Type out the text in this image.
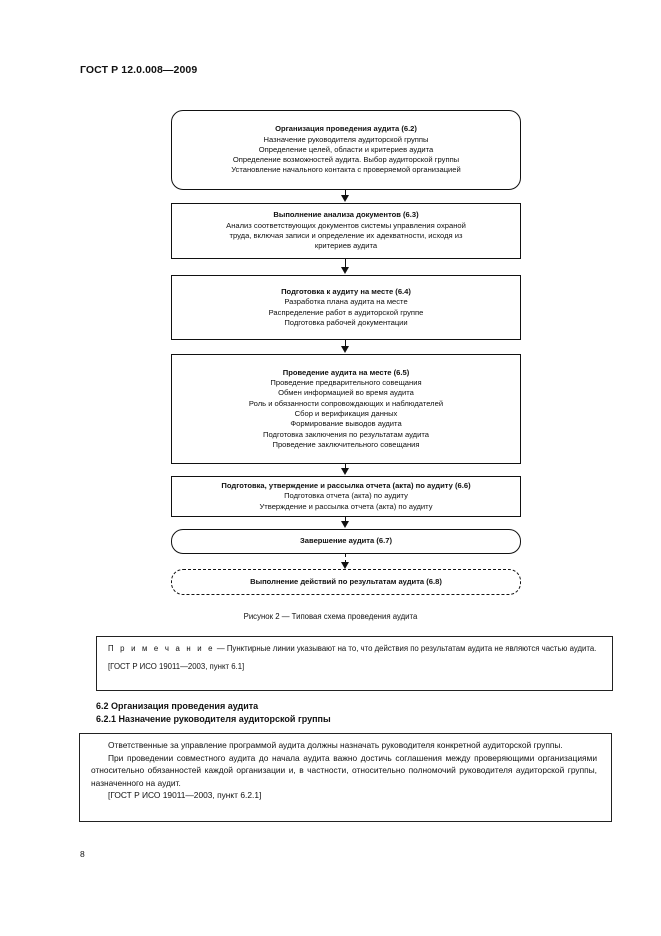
ГОСТ Р 12.0.008—2009
Организация проведения аудита (6.2)
Назначение руководителя аудиторской группы
Определение целей, области и критериев аудита
Определение возможностей аудита. Выбор аудиторской группы
Установление начального контакта с проверяемой организацией
Выполнение анализа документов (6.3)
Анализ соответствующих документов системы управления охраной
труда, включая записи и определение их адекватности, исходя из
критериев аудита
Подготовка к аудиту на месте (6.4)
Разработка плана аудита на месте
Распределение работ в аудиторской группе
Подготовка рабочей документации
Проведение аудита на месте (6.5)
Проведение предварительного совещания
Обмен информацией во время аудита
Роль и обязанности сопровождающих и наблюдателей
Сбор и верификация данных
Формирование выводов аудита
Подготовка заключения по результатам аудита
Проведение заключительного совещания
Подготовка, утверждение и рассылка отчета (акта) по аудиту (6.6)
Подготовка отчета (акта) по аудиту
Утверждение и рассылка отчета (акта) по аудиту
Завершение аудита (6.7)
Выполнение действий по результатам аудита (6.8)
Рисунок 2 — Типовая схема проведения аудита
П р и м е ч а н и е — Пунктирные линии указывают на то, что действия по результатам аудита не являются частью аудита.
[ГОСТ Р ИСО 19011—2003, пункт 6.1]
6.2 Организация проведения аудита
6.2.1 Назначение руководителя аудиторской группы

Ответственные за управление программой аудита должны назначать руководителя конкретной аудиторской группы.

При проведении совместного аудита до начала аудита важно достичь соглашения между проверяющими организациями относительно обязанностей каждой организации и, в частности, относительно полномочий руководителя аудиторской группы, назначенного на аудит.

[ГОСТ Р ИСО 19011—2003, пункт 6.2.1]

8
